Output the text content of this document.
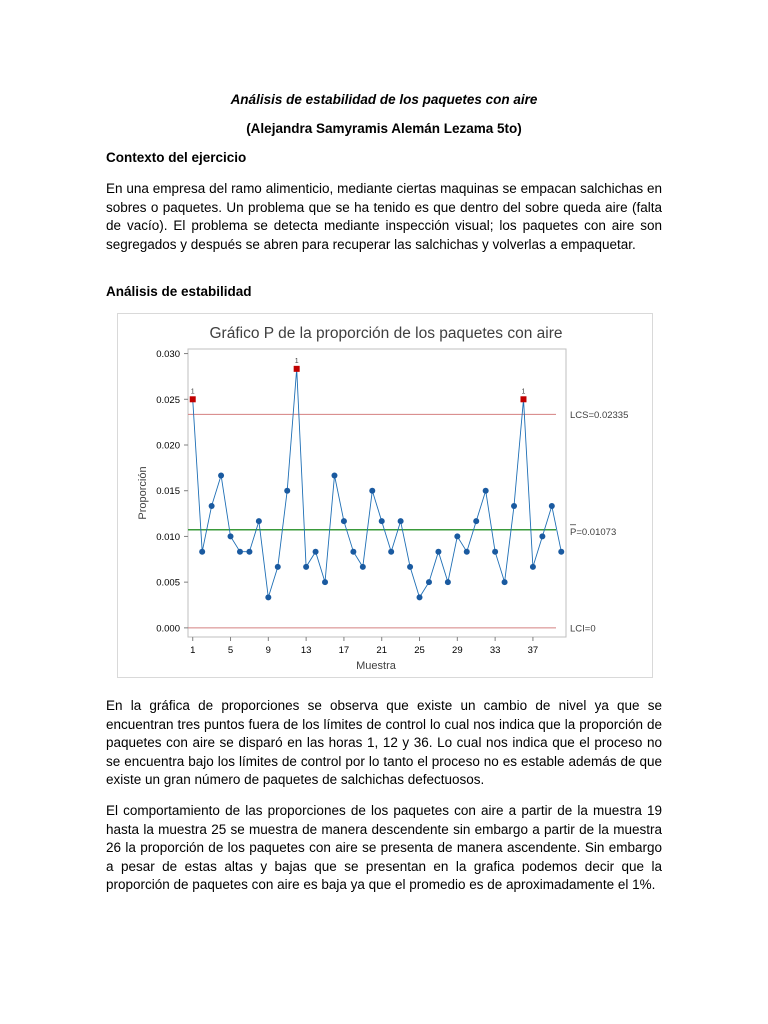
Análisis de estabilidad de los paquetes con aire
(Alejandra Samyramis Alemán Lezama 5to)
Contexto del ejercicio

En una empresa del ramo alimenticio, mediante ciertas maquinas se empacan salchichas en sobres o paquetes. Un problema que se ha tenido es que dentro del sobre queda aire (falta de vacío). El problema se detecta mediante inspección visual; los paquetes con aire son segregados y después se abren para recuperar las salchichas y volverlas a empaquetar.

Análisis de estabilidad
Gráfico P de la proporción de los paquetes con aire
0.000
0.005
0.010
0.015
0.020
0.025
0.030
1	5	9	13	17	21	25	29	33	37
Muestra
Proporción
LCS=0.02335
P=0.01073
LCI=0
1
1
1

En la gráfica de proporciones se observa que existe un cambio de nivel ya que se encuentran tres puntos fuera de los límites de control lo cual nos indica que la proporción de paquetes con aire se disparó en las horas 1, 12 y 36. Lo cual nos indica que el proceso no se encuentra bajo los límites de control por lo tanto el proceso no es estable además de que existe un gran número de paquetes de salchichas defectuosos.

El comportamiento de las proporciones de los paquetes con aire a partir de la muestra 19 hasta la muestra 25 se muestra de manera descendente sin embargo a partir de la muestra 26 la proporción de los paquetes con aire se presenta de manera ascendente. Sin embargo a pesar de estas altas y bajas que se presentan en la grafica podemos decir que la proporción de paquetes con aire es baja ya que el promedio es de aproximadamente el 1%.
